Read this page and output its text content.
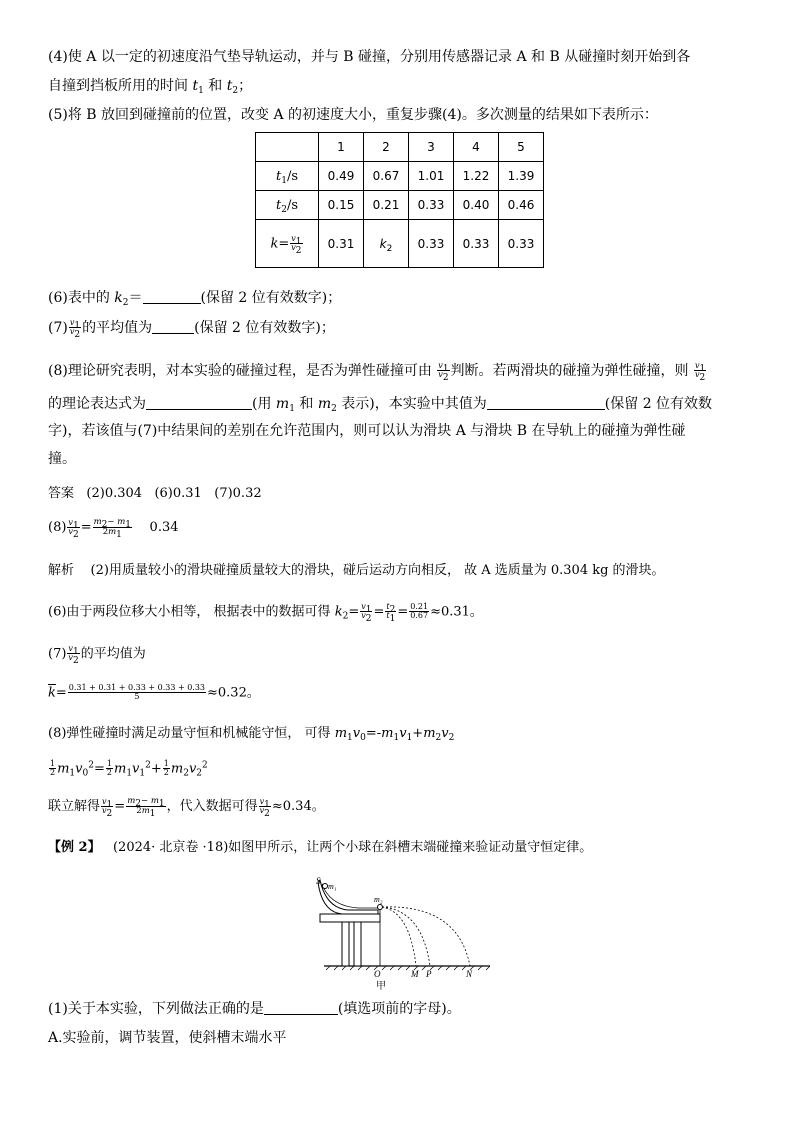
(4)使 A 以一定的初速度沿气垫导轨运动，并与 B 碰撞，分别用传感器记录 A 和 B 从碰撞时刻开始到各
自撞到挡板所用的时间 $t_1$ 和 $t_2$；
(5)将 B 放回到碰撞前的位置，改变 A 的初速度大小，重复步骤(4)。多次测量的结果如下表所示：
	1	2	3	4	5
$t_1/s$	0.49	0.67	1.01	1.22	1.39
$t_2/s$	0.15	0.21	0.33	0.40	0.46
$k= \frac{v_1}{v_2}$	0.31	$k_2$	0.33	0.33	0.33
(6)表中的 $k_2=$	(保留 2 位有效数字)；
$(7) \frac{v_1}{v_2}$ 的平均值为	(保留 2 位有效数字)；
(8)理论研究表明，对本实验的碰撞过程，是否为弹性碰撞可由 $\frac{v_1}{v_2}$ 判断。若两滑块的碰撞为弹性碰撞，则 $\frac{v_1}{v_2}$
的理论表达式为	(用 $m_1$ 和 $m_2$ 表示)，本实验中其值为	(保留 2 位有效数
字)，若该值与(7)中结果间的差别在允许范围内，则可以认为滑块 A 与滑块 B 在导轨上的碰撞为弹性碰
撞。
答案 (2)0.304 (6)0.31 (7)0.32
$(8) \frac{v_1}{v_2} = \frac{m_2- m_1}{2m_1} 0.34$
解析 (2)用质量较小的滑块碰撞质量较大的滑块，碰后运动方向相反， 故 A 选质量为 0.304 kg 的滑块。
(6)由于两段位移大小相等， 根据表中的数据可得 $k_2= \frac{v_1}{v_2} = \frac{t_2}{t_1} = \frac{0.21}{0.67} \approx 0.31$。
$(7) \frac{v_1}{v_2}$ 的平均值为
$\overline{k}= \frac{0.31 + 0.31 + 0.33 + 0.33 + 0.33}{5} \approx 0.32$。
(8)弹性碰撞时满足动量守恒和机械能守恒， 可得 $m_1v_0=-m_1v_1+m_2v_2$
$\frac{1}{2} m_1v_0^2= \frac{1}{2} m_1v_1^2+ \frac{1}{2} m_2v_2^2$
联立解得 $\frac{v_1}{v_2} = \frac{m_2- m_1}{2m_1}$ ，代入数据可得 $\frac{v_1}{v_2} \approx 0.34$。
【例 2】 (2024· 北京卷 ·18)如图甲所示，让两个小球在斜槽末端碰撞来验证动量守恒定律。
S
m₁
m₂
O	M P	N
甲
(1)关于本实验，下列做法正确的是	(填选项前的字母)。
A.实验前，调节装置，使斜槽末端水平
